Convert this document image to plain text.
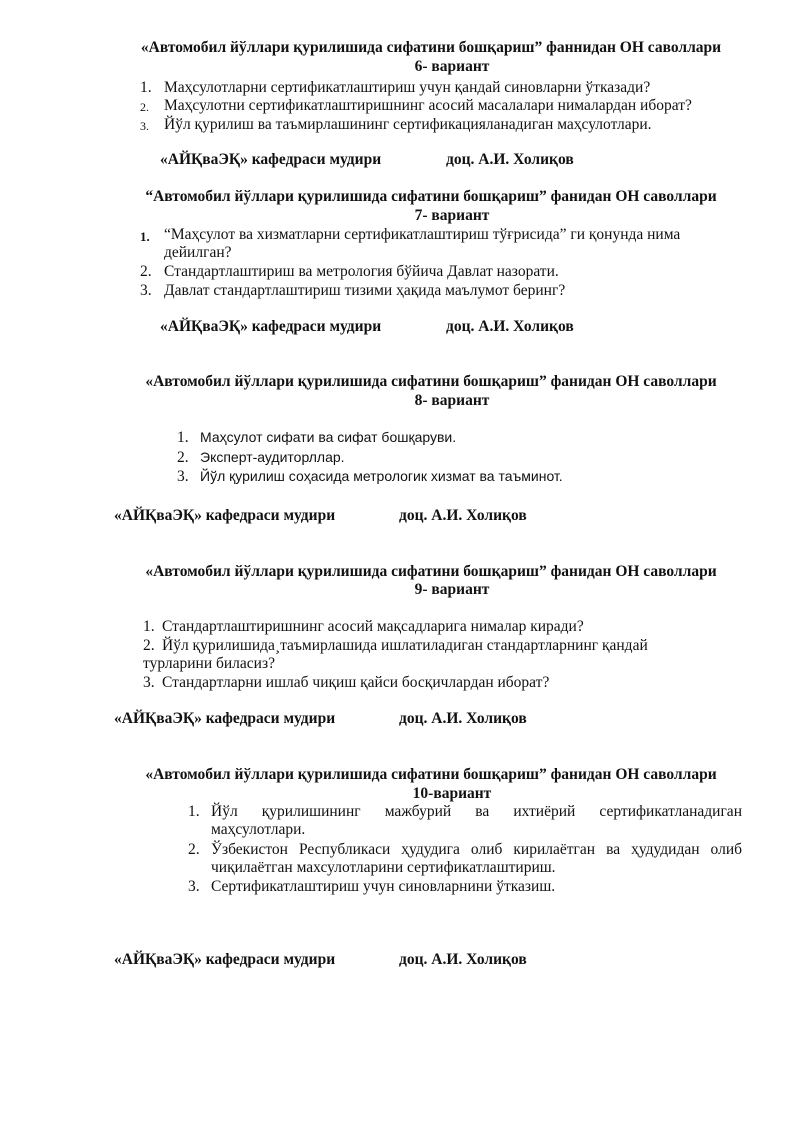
«Автомобил йўллари қурилишида сифатини бошқариш” фаннидан ОН саволлари
6- вариант
1. Маҳсулотларни сертификатлаштириш учун қандай синовларни ўтказади?
2. Маҳсулотни сертификатлаштиришнинг асосий масалалари нималардан иборат?
3. Йўл қурилиш ва таъмирлашининг сертификацияланадиган маҳсулотлари.
«АЙҚваЭҚ» кафедраси мудири	доц. А.И. Холиқов
“Автомобил йўллари қурилишида сифатини бошқариш” фанидан ОН саволлари
7- вариант
1. “Маҳсулот ва хизматларни сертификатлаштириш тўғрисида” ги қонунда нима
дейилган?
2. Стандартлаштириш ва метрология бўйича Давлат назорати.
3. Давлат стандартлаштириш тизими ҳақида маълумот беринг?
«АЙҚваЭҚ» кафедраси мудири	доц. А.И. Холиқов
«Автомобил йўллари қурилишида сифатини бошқариш” фанидан ОН саволлари
8- вариант
1. Маҳсулот сифати ва сифат бошқаруви.
2. Эксперт-аудиторллар.
3. Йўл қурилиш соҳасида метрологик хизмат ва таъминот.
«АЙҚваЭҚ» кафедраси мудири	доц. А.И. Холиқов
«Автомобил йўллари қурилишида сифатини бошқариш” фанидан ОН саволлари
9- вариант
1. Стандартлаштиришнинг асосий мақсадларига нималар киради?
2. Йўл қурилишида¸таъмирлашида ишлатиладиган стандартларнинг қандай
турларини биласиз?
3. Стандартларни ишлаб чиқиш қайси босқичлардан иборат?
«АЙҚваЭҚ» кафедраси мудири	доц. А.И. Холиқов
«Автомобил йўллари қурилишида сифатини бошқариш” фанидан ОН саволлари
10-вариант
1. Йўл қурилишининг мажбурий ва ихтиёрий сертификатланадиган
маҳсулотлари.
2. Ўзбекистон Республикаси ҳудудига олиб кирилаётган ва ҳудудидан олиб
чиқилаётган махсулотларини сертификатлаштириш.
3. Сертификатлаштириш учун синовларнини ўтказиш.
«АЙҚваЭҚ» кафедраси мудири	доц. А.И. Холиқов
